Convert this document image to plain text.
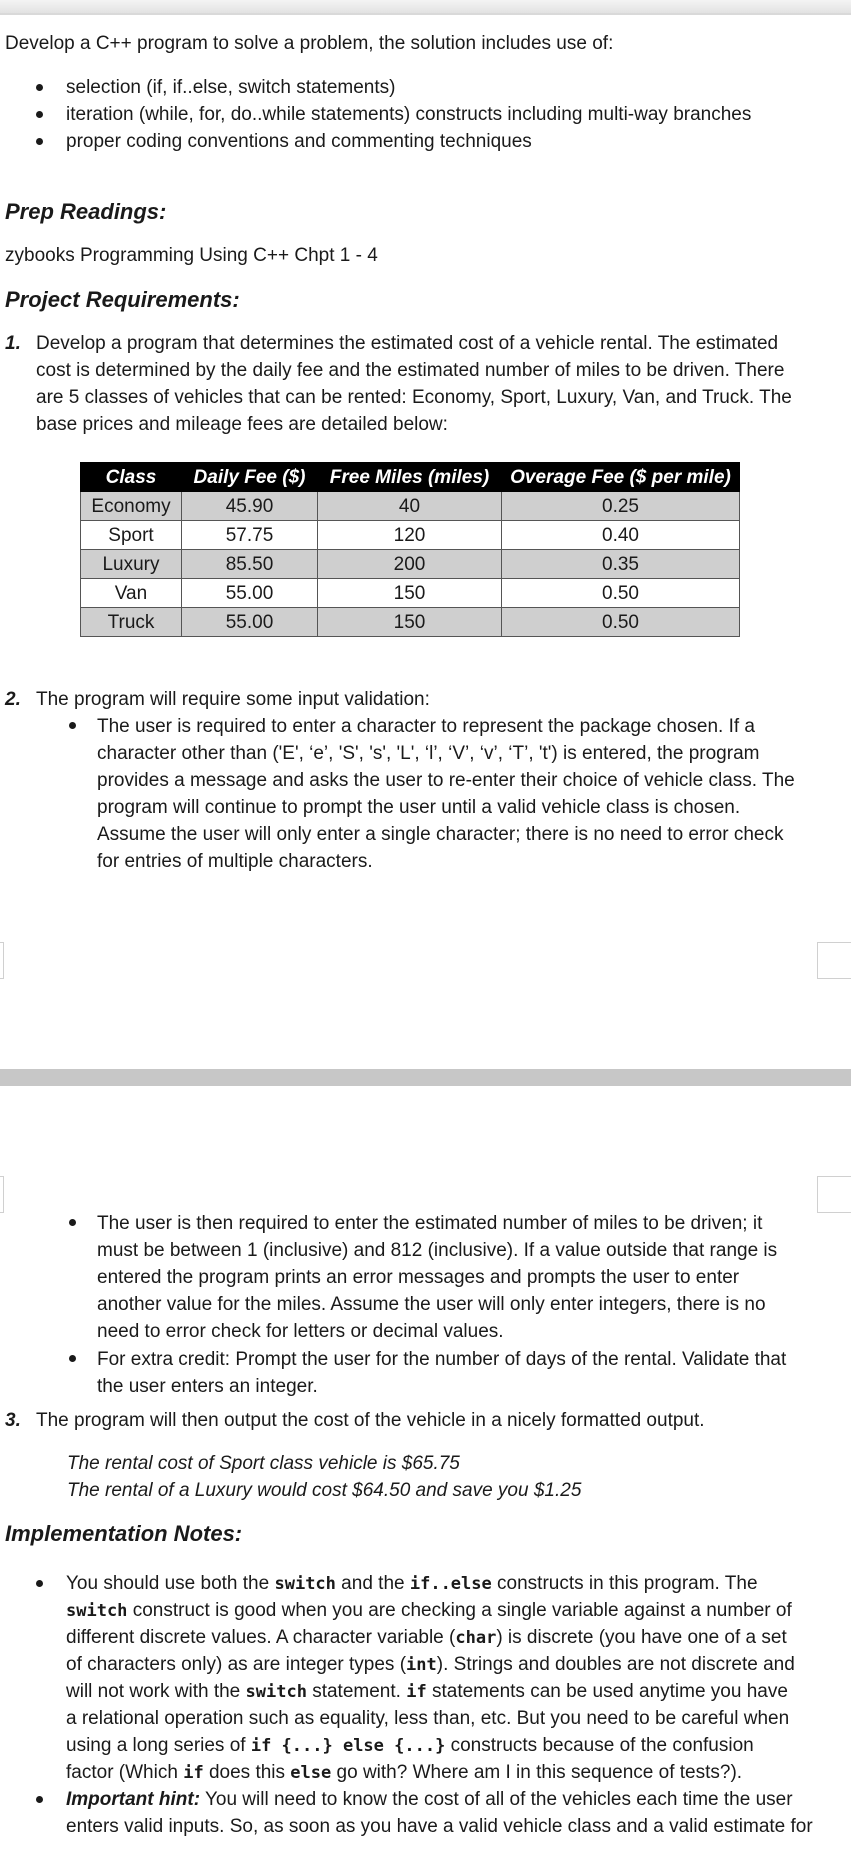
Develop a C++ program to solve a problem, the solution includes use of:
selection (if, if..else, switch statements)
iteration (while, for, do..while statements) constructs including multi-way branches
proper coding conventions and commenting techniques
Prep Readings:
zybooks Programming Using C++ Chpt 1 - 4
Project Requirements:
1. Develop a program that determines the estimated cost of a vehicle rental. The estimated
cost is determined by the daily fee and the estimated number of miles to be driven. There
are 5 classes of vehicles that can be rented: Economy, Sport, Luxury, Van, and Truck. The
base prices and mileage fees are detailed below:
Class	Daily Fee ($)	Free Miles (miles)	Overage Fee ($ per mile)
Economy	45.90	40	0.25
Sport	57.75	120	0.40
Luxury	85.50	200	0.35
Van	55.00	150	0.50
Truck	55.00	150	0.50
2. The program will require some input validation:
The user is required to enter a character to represent the package chosen. If a
character other than ('E', ‘e’, 'S', 's', 'L', ‘l’, ‘V’, ‘v’, ‘T’, 't') is entered, the program
provides a message and asks the user to re-enter their choice of vehicle class. The
program will continue to prompt the user until a valid vehicle class is chosen.
Assume the user will only enter a single character; there is no need to error check
for entries of multiple characters.
The user is then required to enter the estimated number of miles to be driven; it
must be between 1 (inclusive) and 812 (inclusive). If a value outside that range is
entered the program prints an error messages and prompts the user to enter
another value for the miles. Assume the user will only enter integers, there is no
need to error check for letters or decimal values.
For extra credit: Prompt the user for the number of days of the rental. Validate that
the user enters an integer.
3. The program will then output the cost of the vehicle in a nicely formatted output.
The rental cost of Sport class vehicle is $65.75
The rental of a Luxury would cost $64.50 and save you $1.25
Implementation Notes:
You should use both the switch and the if..else constructs in this program. The
switch construct is good when you are checking a single variable against a number of
different discrete values. A character variable (char) is discrete (you have one of a set
of characters only) as are integer types (int). Strings and doubles are not discrete and
will not work with the switch statement. if statements can be used anytime you have
a relational operation such as equality, less than, etc. But you need to be careful when
using a long series of if {...} else {...} constructs because of the confusion
factor (Which if does this else go with? Where am I in this sequence of tests?).
Important hint: You will need to know the cost of all of the vehicles each time the user
enters valid inputs. So, as soon as you have a valid vehicle class and a valid estimate for
